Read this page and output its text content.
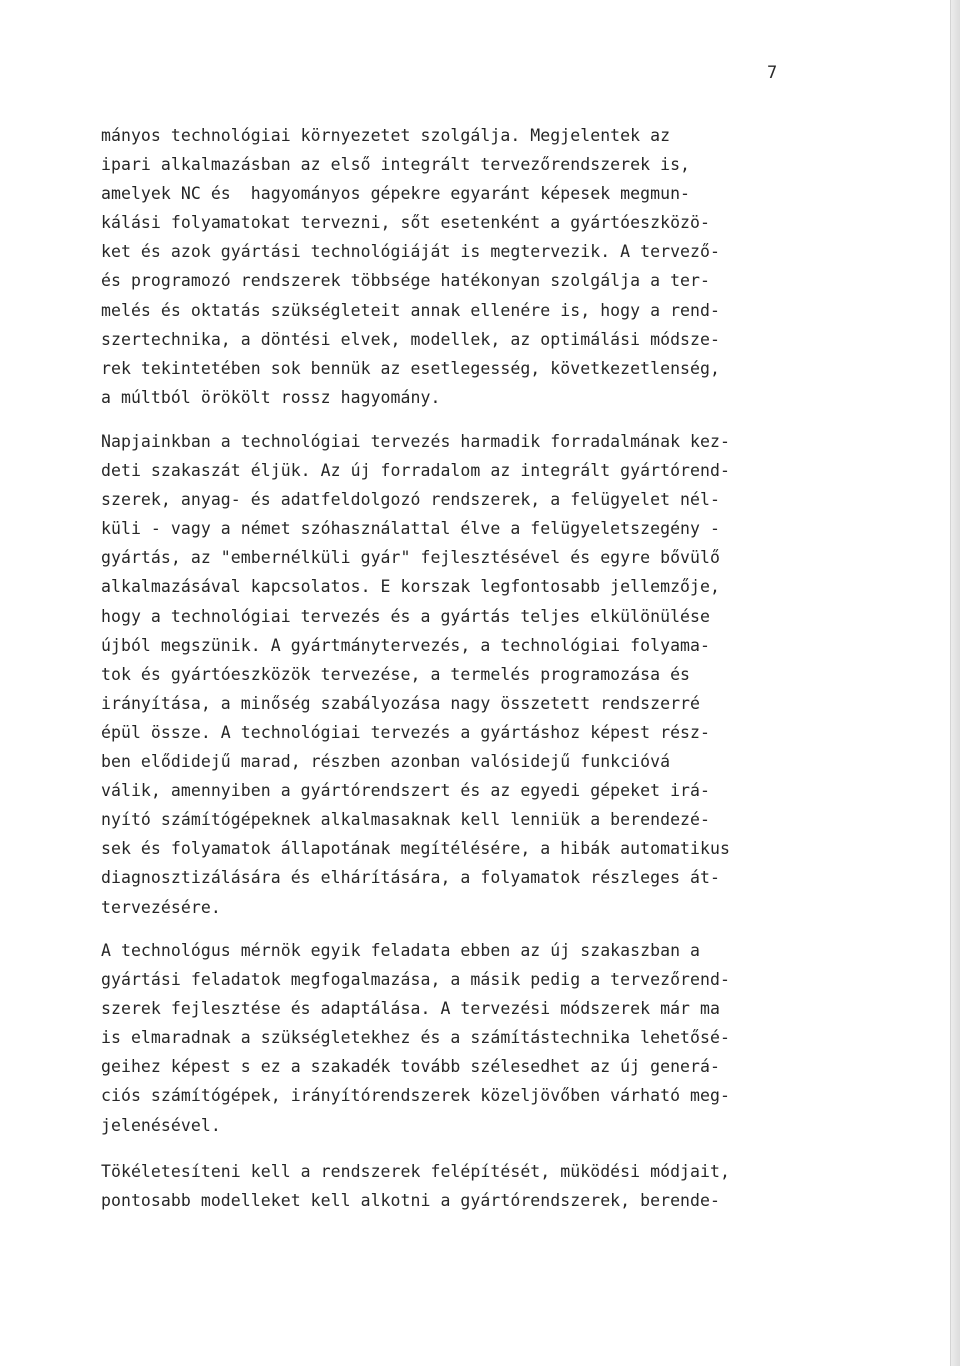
7

mányos technológiai környezetet szolgálja. Megjelentek az
ipari alkalmazásban az első integrált tervezőrendszerek is,
amelyek NC és  hagyományos gépekre egyaránt képesek megmun-
kálási folyamatokat tervezni, sőt esetenként a gyártóeszközö-
ket és azok gyártási technológiáját is megtervezik. A tervező-
és programozó rendszerek többsége hatékonyan szolgálja a ter-
melés és oktatás szükségleteit annak ellenére is, hogy a rend-
szertechnika, a döntési elvek, modellek, az optimálási módsze-
rek tekintetében sok bennük az esetlegesség, következetlenség,
a múltból örökölt rossz hagyomány.

Napjainkban a technológiai tervezés harmadik forradalmának kez-
deti szakaszát éljük. Az új forradalom az integrált gyártórend-
szerek, anyag- és adatfeldolgozó rendszerek, a felügyelet nél-
küli - vagy a német szóhasználattal élve a felügyeletszegény -
gyártás, az "embernélküli gyár" fejlesztésével és egyre bővülő
alkalmazásával kapcsolatos. E korszak legfontosabb jellemzője,
hogy a technológiai tervezés és a gyártás teljes elkülönülése
újból megszünik. A gyártmánytervezés, a technológiai folyama-
tok és gyártóeszközök tervezése, a termelés programozása és
irányítása, a minőség szabályozása nagy összetett rendszerré
épül össze. A technológiai tervezés a gyártáshoz képest rész-
ben elődidejű marad, részben azonban valósidejű funkcióvá
válik, amennyiben a gyártórendszert és az egyedi gépeket irá-
nyító számítógépeknek alkalmasaknak kell lenniük a berendezé-
sek és folyamatok állapotának megítélésére, a hibák automatikus
diagnosztizálására és elhárítására, a folyamatok részleges át-
tervezésére.

A technológus mérnök egyik feladata ebben az új szakaszban a
gyártási feladatok megfogalmazása, a másik pedig a tervezőrend-
szerek fejlesztése és adaptálása. A tervezési módszerek már ma
is elmaradnak a szükségletekhez és a számítástechnika lehetősé-
geihez képest s ez a szakadék tovább szélesedhet az új generá-
ciós számítógépek, irányítórendszerek közeljövőben várható meg-
jelenésével.

Tökéletesíteni kell a rendszerek felépítését, müködési módjait,
pontosabb modelleket kell alkotni a gyártórendszerek, berende-
